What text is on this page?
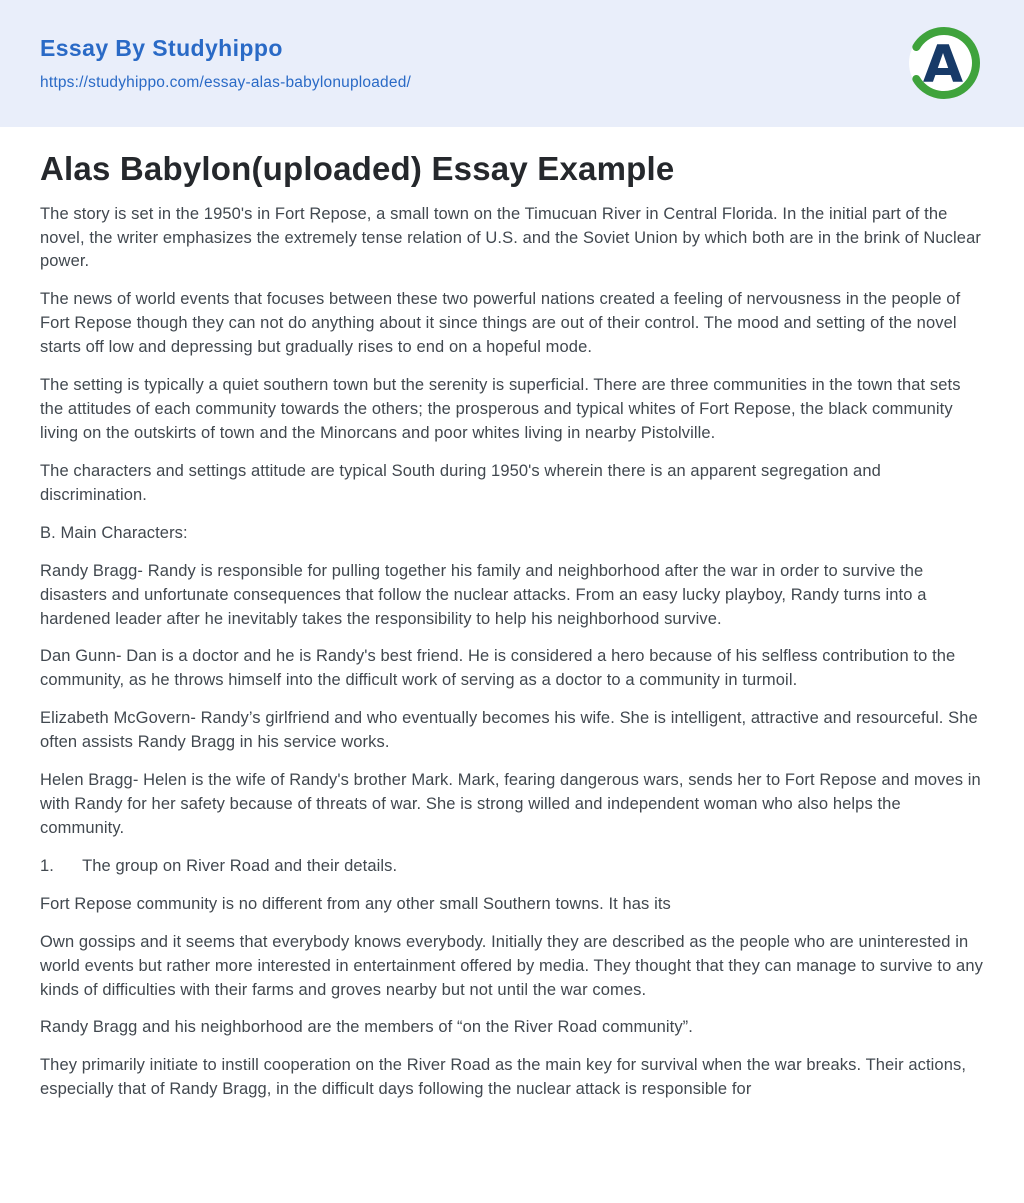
Essay By Studyhippo
https://studyhippo.com/essay-alas-babylonuploaded/	A
Alas Babylon(uploaded) Essay Example

The story is set in the 1950's in Fort Repose, a small town on the Timucuan River in Central Florida. In the initial part of the novel, the writer emphasizes the extremely tense relation of U.S. and the Soviet Union by which both are in the brink of Nuclear power.

The news of world events that focuses between these two powerful nations created a feeling of nervousness in the people of Fort Repose though they can not do anything about it since things are out of their control. The mood and setting of the novel starts off low and depressing but gradually rises to end on a hopeful mode.

The setting is typically a quiet southern town but the serenity is superficial. There are three communities in the town that sets the attitudes of each community towards the others; the prosperous and typical whites of Fort Repose, the black community living on the outskirts of town and the Minorcans and poor whites living in nearby Pistolville.

The characters and settings attitude are typical South during 1950's wherein there is an apparent segregation and discrimination.

B. Main Characters:

Randy Bragg- Randy is responsible for pulling together his family and neighborhood after the war in order to survive the disasters and unfortunate consequences that follow the nuclear attacks. From an easy lucky playboy, Randy turns into a hardened leader after he inevitably takes the responsibility to help his neighborhood survive.

Dan Gunn- Dan is a doctor and he is Randy's best friend. He is considered a hero because of his selfless contribution to the community, as he throws himself into the difficult work of serving as a doctor to a community in turmoil.

Elizabeth McGovern- Randy’s girlfriend and who eventually becomes his wife. She is intelligent, attractive and resourceful. She often assists Randy Bragg in his service works.

Helen Bragg- Helen is the wife of Randy's brother Mark. Mark, fearing dangerous wars, sends her to Fort Repose and moves in with Randy for her safety because of threats of war. She is strong willed and independent woman who also helps the community.

1.      The group on River Road and their details.

Fort Repose community is no different from any other small Southern towns. It has its

Own gossips and it seems that everybody knows everybody. Initially they are described as the people who are uninterested in world events but rather more interested in entertainment offered by media. They thought that they can manage to survive to any kinds of difficulties with their farms and groves nearby but not until the war comes.

Randy Bragg and his neighborhood are the members of “on the River Road community”.

They primarily initiate to instill cooperation on the River Road as the main key for survival when the war breaks. Their actions, especially that of Randy Bragg, in the difficult days following the nuclear attack is responsible for
